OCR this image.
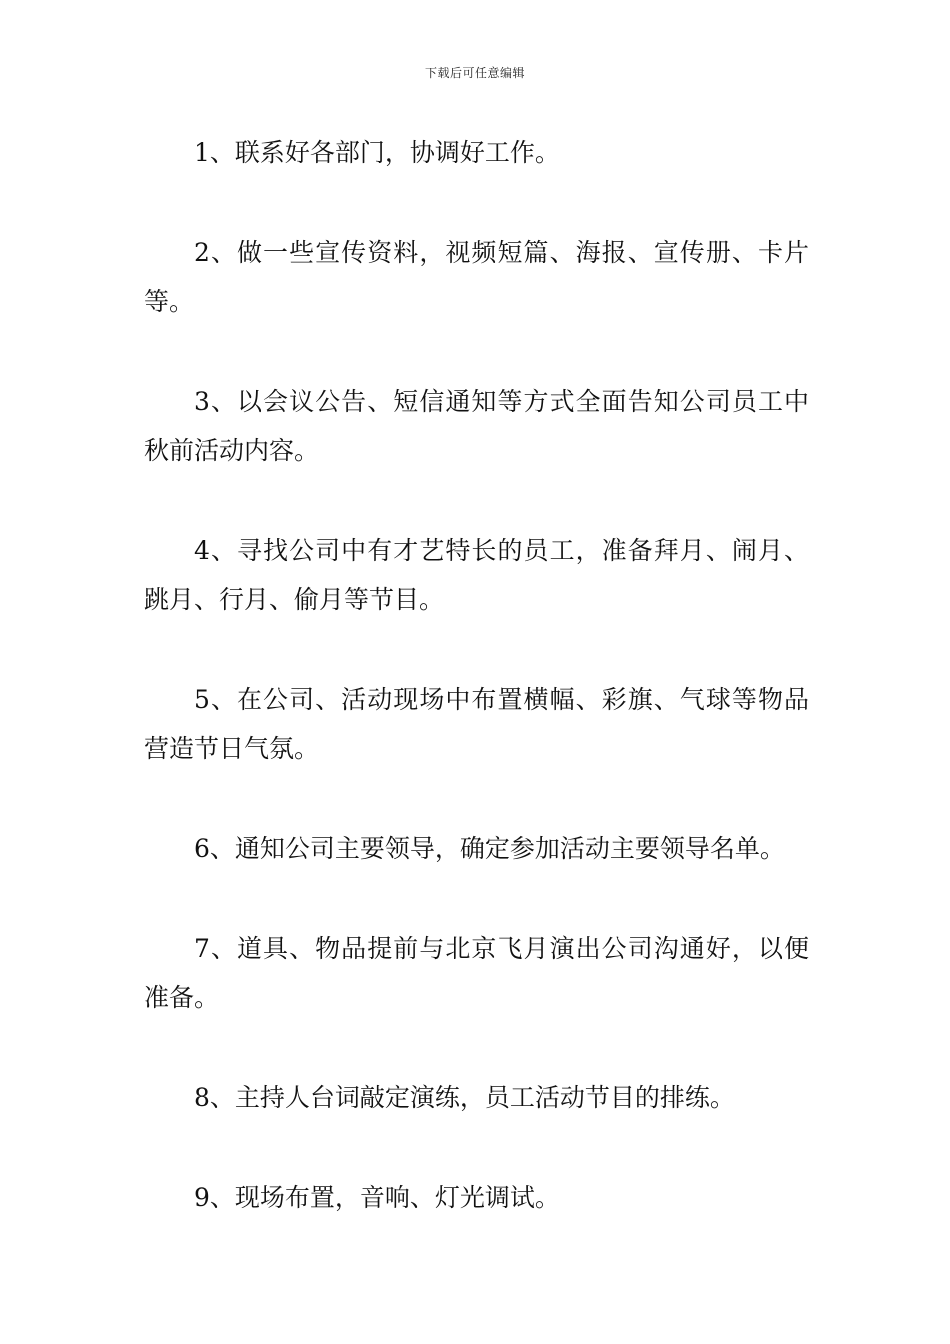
下载后可任意编辑

1、联系好各部门，协调好工作。

2、做一些宣传资料，视频短篇、海报、宣传册、卡片等。

3、以会议公告、短信通知等方式全面告知公司员工中秋前活动内容。

4、寻找公司中有才艺特长的员工，准备拜月、闹月、跳月、行月、偷月等节目。

5、在公司、活动现场中布置横幅、彩旗、气球等物品营造节日气氛。

6、通知公司主要领导，确定参加活动主要领导名单。

7、道具、物品提前与北京飞月演出公司沟通好，以便准备。

8、主持人台词敲定演练，员工活动节目的排练。

9、现场布置，音响、灯光调试。
